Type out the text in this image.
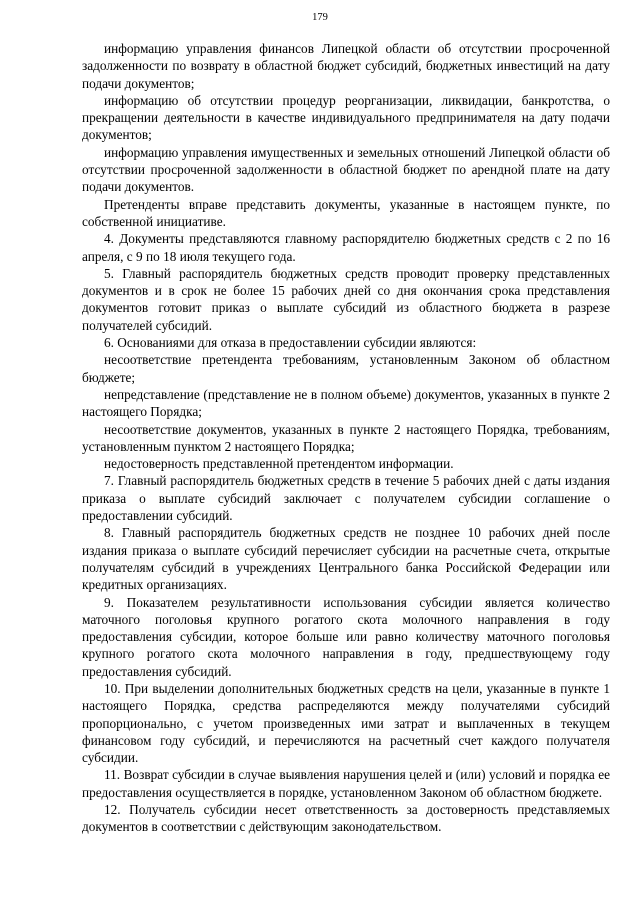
179

информацию управления финансов Липецкой области об отсутствии просроченной задолженности по возврату в областной бюджет субсидий, бюджетных инвестиций на дату подачи документов;

информацию об отсутствии процедур реорганизации, ликвидации, банкротства, о прекращении деятельности в качестве индивидуального предпринимателя на дату подачи документов;

информацию управления имущественных и земельных отношений Липецкой области об отсутствии просроченной задолженности в областной бюджет по арендной плате на дату подачи документов.

Претенденты вправе представить документы, указанные в настоящем пункте, по собственной инициативе.

4. Документы представляются главному распорядителю бюджетных средств с 2 по 16 апреля, с 9 по 18 июля текущего года.

5. Главный распорядитель бюджетных средств проводит проверку представленных документов и в срок не более 15 рабочих дней со дня окончания срока представления документов готовит приказ о выплате субсидий из областного бюджета в разрезе получателей субсидий.

6. Основаниями для отказа в предоставлении субсидии являются:

несоответствие претендента требованиям, установленным Законом об областном бюджете;

непредставление (представление не в полном объеме) документов, указанных в пункте 2 настоящего Порядка;

несоответствие документов, указанных в пункте 2 настоящего Порядка, требованиям, установленным пунктом 2 настоящего Порядка;

недостоверность представленной претендентом информации.

7. Главный распорядитель бюджетных средств в течение 5 рабочих дней с даты издания приказа о выплате субсидий заключает с получателем субсидии соглашение о предоставлении субсидий.

8. Главный распорядитель бюджетных средств не позднее 10 рабочих дней после издания приказа о выплате субсидий перечисляет субсидии на расчетные счета, открытые получателям субсидий в учреждениях Центрального банка Российской Федерации или кредитных организациях.

9. Показателем результативности использования субсидии является количество маточного поголовья крупного рогатого скота молочного направления в году предоставления субсидии, которое больше или равно количеству маточного поголовья крупного рогатого скота молочного направления в году, предшествующему году предоставления субсидий.

10. При выделении дополнительных бюджетных средств на цели, указанные в пункте 1 настоящего Порядка, средства распределяются между получателями субсидий пропорционально, с учетом произведенных ими затрат и выплаченных в текущем финансовом году субсидий, и перечисляются на расчетный счет каждого получателя субсидии.

11. Возврат субсидии в случае выявления нарушения целей и (или) условий и порядка ее предоставления осуществляется в порядке, установленном Законом об областном бюджете.

12. Получатель субсидии несет ответственность за достоверность представляемых документов в соответствии с действующим законодательством.
